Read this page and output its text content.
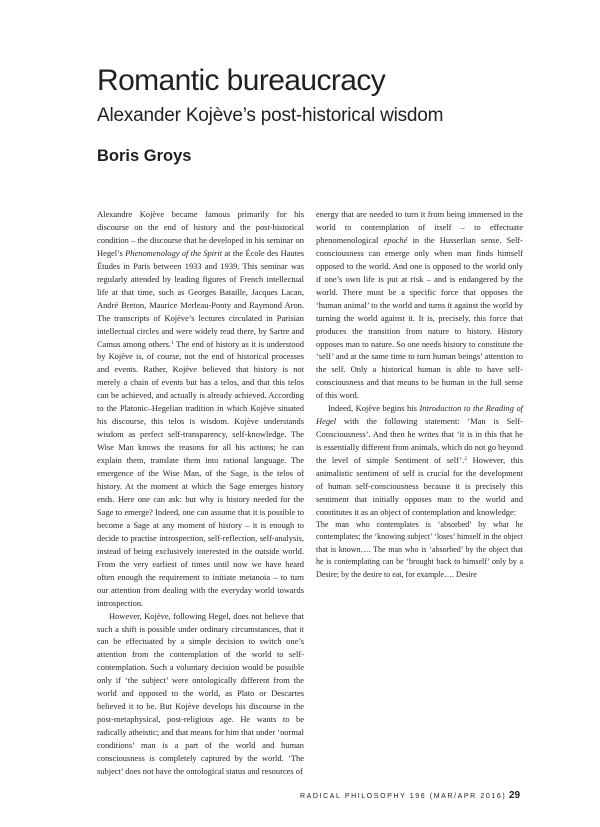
Romantic bureaucracy
Alexander Kojève’s post-historical wisdom

Boris Groys

Alexandre Kojève became famous primarily for his discourse on the end of history and the post-historical condition – the discourse that he developed in his seminar on Hegel’s Phenomenology of the Spirit at the École des Hautes Études in Paris between 1933 and 1939. This seminar was regularly attended by leading figures of French intellectual life at that time, such as Georges Bataille, Jacques Lacan, André Breton, Maurice Merleau-Ponty and Raymond Aron. The transcripts of Kojève’s lectures circulated in Parisian intellectual circles and were widely read there, by Sartre and Camus among others.$^1$ The end of history as it is understood by Kojève is, of course, not the end of historical processes and events. Rather, Kojève believed that history is not merely a chain of events but has a telos, and that this telos can be achieved, and actually is already achieved. According to the Platonic–Hegelian tradition in which Kojève situated his discourse, this telos is wisdom. Kojève understands wisdom as perfect self-transparency, self-knowledge. The Wise Man knows the reasons for all his actions; he can explain them, translate them into rational language. The emergence of the Wise Man, of the Sage, is the telos of history. At the moment at which the Sage emerges history ends. Here one can ask: but why is history needed for the Sage to emerge? Indeed, one can assume that it is possible to become a Sage at any moment of history – it is enough to decide to practise introspection, self-reflection, self-analysis, instead of being exclusively interested in the outside world. From the very earliest of times until now we have heard often enough the requirement to initiate metanoia – to turn our attention from dealing with the everyday world towards introspection.

However, Kojève, following Hegel, does not believe that such a shift is possible under ordinary circumstances, that it can be effectuated by a simple decision to switch one’s attention from the contemplation of the world to self-contemplation. Such a voluntary decision would be possible only if ‘the subject’ were ontologically different from the world and opposed to the world, as Plato or Descartes believed it to be. But Kojève develops his discourse in the post-metaphysical, post-religious age. He wants to be radically atheistic; and that means for him that under ‘normal conditions’ man is a part of the world and human consciousness is completely captured by the world. ‘The subject’ does not have the ontological status and resources of

energy that are needed to turn it from being immersed in the world to contemplation of itself – to effectuate phenomenological epoché in the Husserlian sense. Self-consciousness can emerge only when man finds himself opposed to the world. And one is opposed to the world only if one’s own life is put at risk – and is endangered by the world. There must be a specific force that opposes the ‘human animal’ to the world and turns it against the world by turning the world against it. It is, precisely, this force that produces the transition from nature to history. History opposes man to nature. So one needs history to constitute the ‘self’ and at the same time to turn human beings’ attention to the self. Only a historical human is able to have self-consciousness and that means to be human in the full sense of this word.

Indeed, Kojève begins his Introduction to the Reading of Hegel with the following statement: ‘Man is Self-Consciousness’. And then he writes that ‘it is in this that he is essentially different from animals, which do not go beyond the level of simple Sentiment of self’.$^2$ However, this animalistic sentiment of self is crucial for the development of human self-consciousness because it is precisely this sentiment that initially opposes man to the world and constitutes it as an object of contemplation and knowledge:

The man who contemplates is ‘absorbed’ by what he contemplates; the ‘knowing subject’ ‘loses’ himself in the object that is known…. The man who is ‘absorbed’ by the object that he is contemplating can be ‘brought back to himself’ only by a Desire; by the desire to eat, for example…. Desire

RADICAL PHILOSOPHY 196 (MAR/APR 2016) 29
